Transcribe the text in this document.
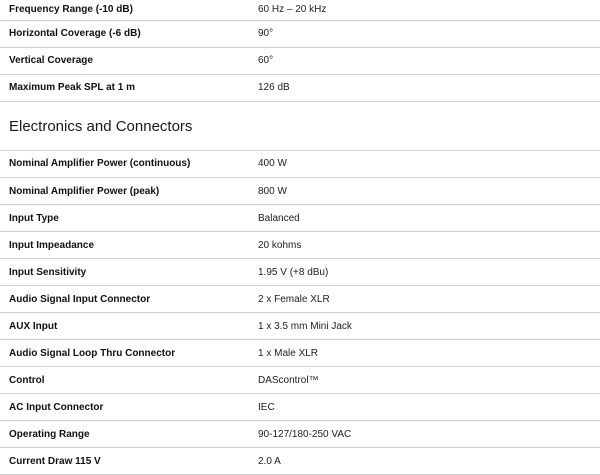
Frequency Range (-10 dB)	60 Hz – 20 kHz
Horizontal Coverage (-6 dB)	90°
Vertical Coverage	60°
Maximum Peak SPL at 1 m	126 dB
Electronics and Connectors
Nominal Amplifier Power (continuous)	400 W
Nominal Amplifier Power (peak)	800 W
Input Type	Balanced
Input Impeadance	20 kohms
Input Sensitivity	1.95 V (+8 dBu)
Audio Signal Input Connector	2 x Female XLR
AUX Input	1 x 3.5 mm Mini Jack
Audio Signal Loop Thru Connector	1 x Male XLR
Control	DAScontrol™
AC Input Connector	IEC
Operating Range	90-127/180-250 VAC
Current Draw 115 V	2.0 A
